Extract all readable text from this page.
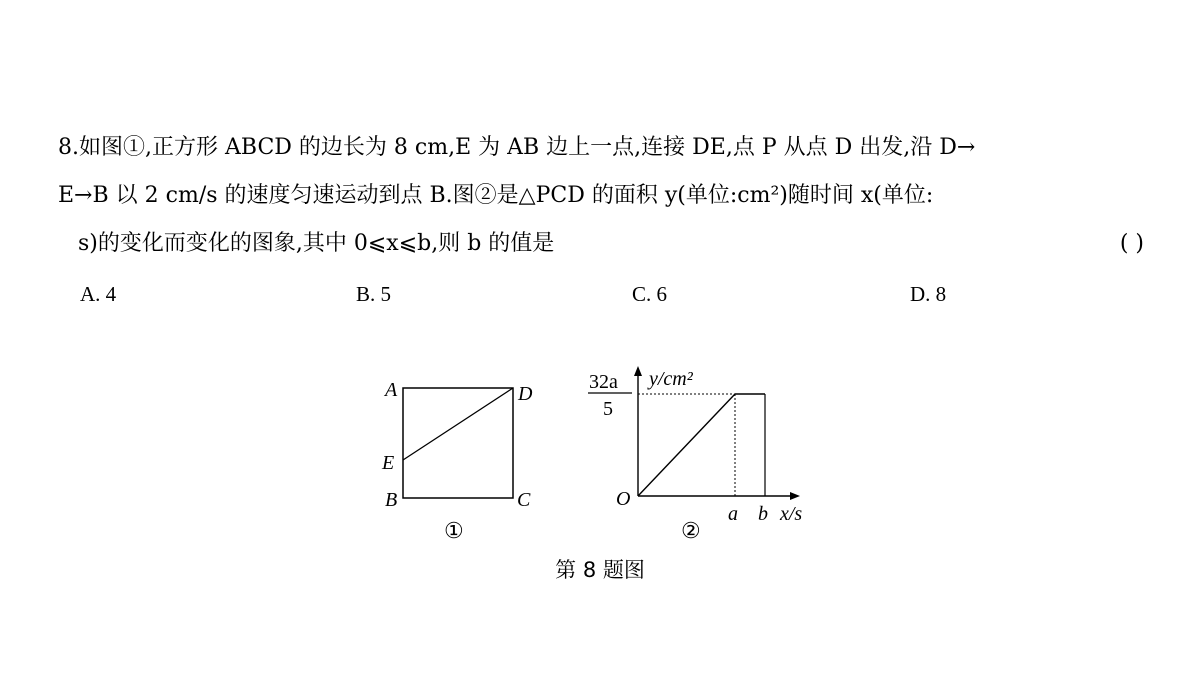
8.如图①,正方形 ABCD 的边长为 8 cm,E 为 AB 边上一点,连接 DE,点 P 从点 D 出发,沿 D→
E→B 以 2 cm/s 的速度匀速运动到点 B.图②是△PCD 的面积 y(单位:cm²)随时间 x(单位:
s)的变化而变化的图象,其中 0⩽x⩽b,则 b 的值是	( )
A. 4	B. 5	C. 6	D. 8
A	D
E
B	C
①
32a
5
y/cm²
O
a b x/s
②
第 8 题图
